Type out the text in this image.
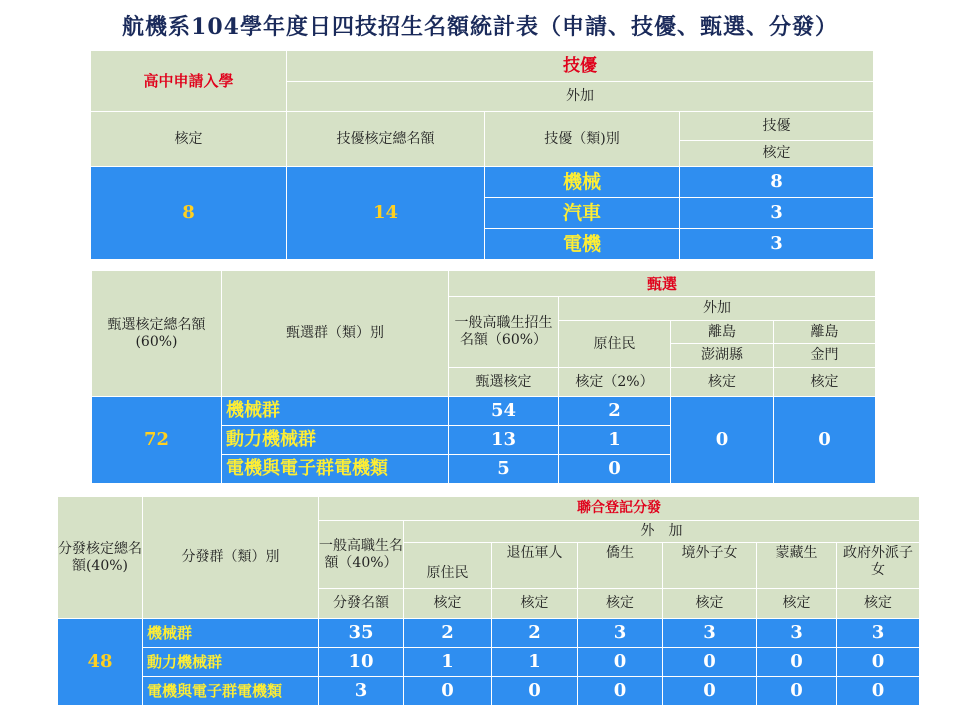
航機系104學年度日四技招生名額統計表（申請、技優、甄選、分發）
高中申請入學	技優		
	外加		
核定	技優核定總名額	技優（類)別	技優
			核定
8	14	機械	8
		汽車	3
		電機	3
甄選核定總名額(60%)	甄選群（類）別	甄選			
		一般高職生招生名額（60%）	外加		
			原住民	離島	離島
				澎湖縣	金門
		甄選核定	核定（2%）	核定	核定
72	機械群	54	2	0	0
	動力機械群	13	1		
	電機與電子群電機類	5	0		
分發核定總名額(40%)	分發群（類）別	聯合登記分發						
		一般高職生名額（40%）	外　加					
			原住民	退伍軍人	僑生	境外子女	蒙藏生	政府外派子女
		分發名額	核定	核定	核定	核定	核定	核定
48	機械群	35	2	2	3	3	3	3
	動力機械群	10	1	1	0	0	0	0
	電機與電子群電機類	3	0	0	0	0	0	0
